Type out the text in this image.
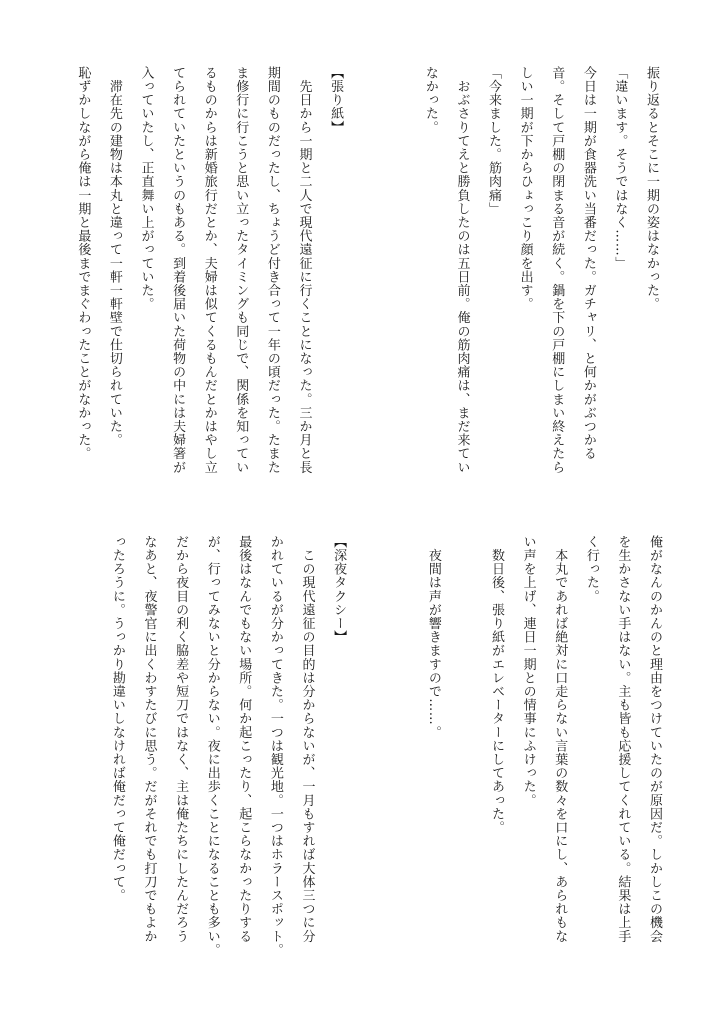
振り返るとそこに一期の姿はなかった。

「違います。そうではなく……」

今日は一期が食器洗い当番だった。ガチャリ、と何かがぶつかる

音。そして戸棚の閉まる音が続く。鍋を下の戸棚にしまい終えたら

しい一期が下からひょっこり顔を出す。

「今来ました。筋肉痛」

　おぶさりてえと勝負したのは五日前。俺の筋肉痛は、まだ来てい

なかった。

【張り紙】

　先日から一期と二人で現代遠征に行くことになった。三か月と長

期間のものだったし、ちょうど付き合って一年の頃だった。たまた

ま修行に行こうと思い立ったタイミングも同じで、関係を知ってい

るものからは新婚旅行だとか、夫婦は似てくるもんだとかはやし立

てられていたというのもある。到着後届いた荷物の中には夫婦箸が

入っていたし、正直舞い上がっていた。

　滞在先の建物は本丸と違って一軒一軒壁で仕切られていた。

恥ずかしながら俺は一期と最後までまぐわったことがなかった。

俺がなんのかんのと理由をつけていたのが原因だ。しかしこの機会

を生かさない手はない。主も皆も応援してくれている。結果は上手

く行った。

　本丸であれば絶対に口走らない言葉の数々を口にし、あられもな

い声を上げ、連日一期との情事にふけった。

　数日後、張り紙がエレベーターにしてあった。

　夜間は声が響きますので……。

【深夜タクシー】

　この現代遠征の目的は分からないが、一月もすれば大体三つに分

かれているが分かってきた。一つは観光地。一つはホラースポット。

最後はなんでもない場所。何か起こったり、起こらなかったりする

が、行ってみないと分からない。夜に出歩くことになることも多い。

だから夜目の利く脇差や短刀ではなく、主は俺たちにしたんだろう

なあと、夜警官に出くわすたびに思う。だがそれでも打刀でもよか

ったろうに。うっかり勘違いしなければ俺だって俺だって。
